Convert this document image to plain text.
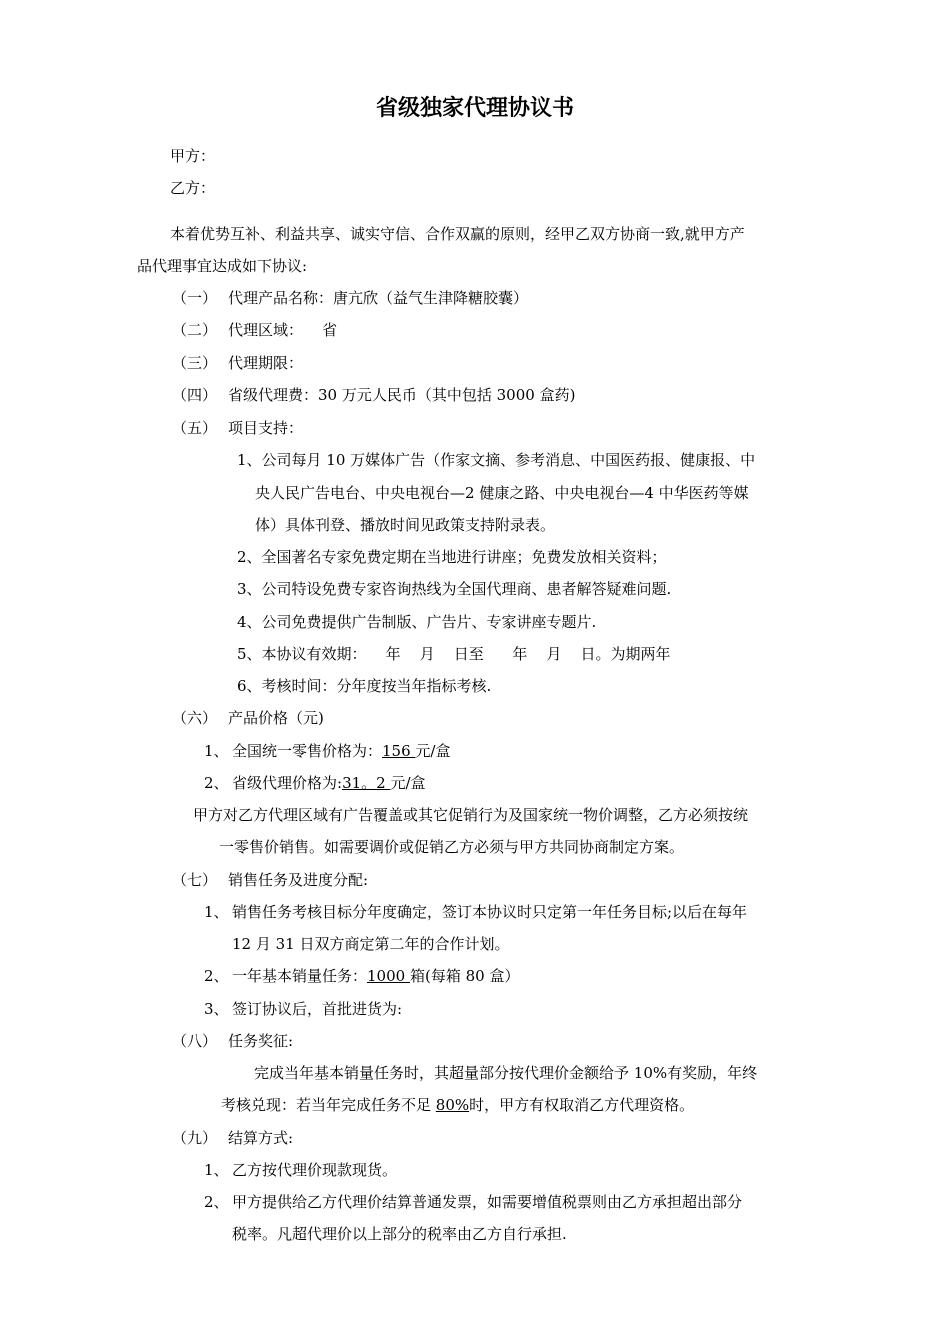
省级独家代理协议书
甲方：
乙方：
本着优势互补、利益共享、诚实守信、合作双赢的原则，经甲乙双方协商一致,就甲方产
品代理事宜达成如下协议:
（一） 代理产品名称：唐亢欣（益气生津降糖胶囊）
（二） 代理区域：    省
（三） 代理期限：
（四） 省级代理费：30 万元人民币（其中包括 3000 盒药)
（五） 项目支持：
1、公司每月 10 万媒体广告（作家文摘、参考消息、中国医药报、健康报、中
央人民广告电台、中央电视台—2 健康之路、中央电视台—4 中华医药等媒
体）具体刊登、播放时间见政策支持附录表。
2、全国著名专家免费定期在当地进行讲座；免费发放相关资料；
3、公司特设免费专家咨询热线为全国代理商、患者解答疑难问题.
4、公司免费提供广告制版、广告片、专家讲座专题片.
5、本协议有效期：    年    月    日至      年    月    日。为期两年
6、考核时间：分年度按当年指标考核.
（六） 产品价格（元)
1、 全国统一零售价格为：156 元/盒
2、 省级代理价格为:31。2 元/盒
甲方对乙方代理区域有广告覆盖或其它促销行为及国家统一物价调整，乙方必须按统
一零售价销售。如需要调价或促销乙方必须与甲方共同协商制定方案。
（七） 销售任务及进度分配:
1、 销售任务考核目标分年度确定，签订本协议时只定第一年任务目标;以后在每年
12 月 31 日双方商定第二年的合作计划。
2、 一年基本销量任务：1000 箱(每箱 80 盒）
3、 签订协议后，首批进货为:
（八） 任务奖征:
完成当年基本销量任务时，其超量部分按代理价金额给予 10%有奖励，年终
考核兑现：若当年完成任务不足 80%时，甲方有权取消乙方代理资格。
（九） 结算方式:
1、 乙方按代理价现款现货。
2、 甲方提供给乙方代理价结算普通发票，如需要增值税票则由乙方承担超出部分
税率。凡超代理价以上部分的税率由乙方自行承担.
